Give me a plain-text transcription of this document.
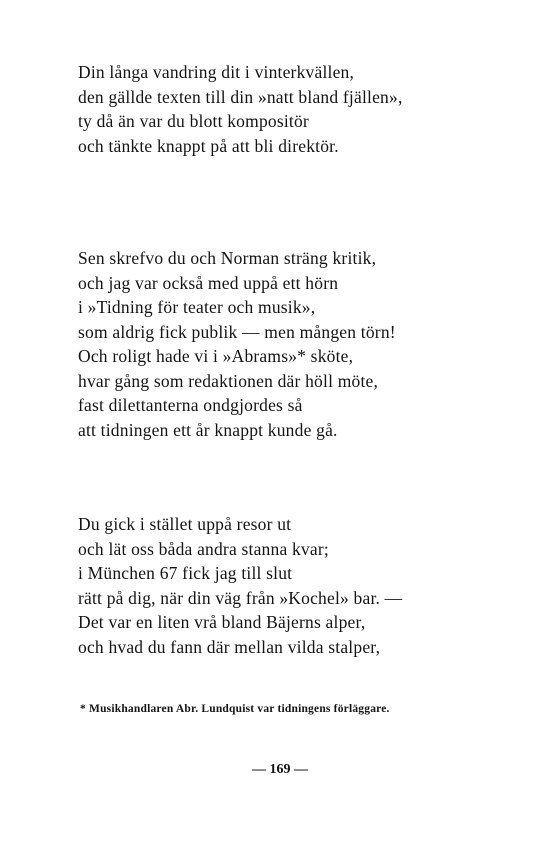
Din långa vandring dit i vinterkvällen,
den gällde texten till din »natt bland fjällen»,
ty då än var du blott kompositör
och tänkte knappt på att bli direktör.
Sen skrefvo du och Norman sträng kritik,
och jag var också med uppå ett hörn
i »Tidning för teater och musik»,
som aldrig fick publik — men mången törn!
Och roligt hade vi i »Abrams»* sköte,
hvar gång som redaktionen där höll möte,
fast dilettanterna ondgjordes så
att tidningen ett år knappt kunde gå.
Du gick i stället uppå resor ut
och lät oss båda andra stanna kvar;
i München 67 fick jag till slut
rätt på dig, när din väg från »Kochel» bar. —
Det var en liten vrå bland Bäjerns alper,
och hvad du fann där mellan vilda stalper,
* Musikhandlaren Abr. Lundquist var tidningens förläggare.
— 169 —
